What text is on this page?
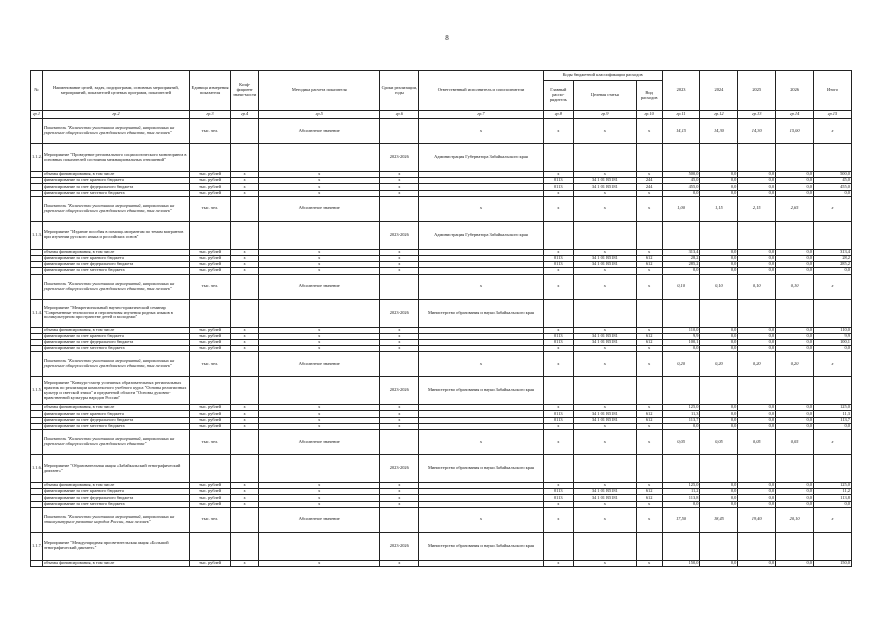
8
№	Наименование целей, задач, подпрограмм, основных мероприятий, мероприятий, показателей целевых программ, показателей	Единица измерения показателя	Коэф-фициент значи-мости	Методика расчета показателя	Сроки реализации, годы	Ответственный исполнитель и соисполнители	Коды бюджетной классификации расходов			2023	2024	2025	2026	Итого
							Главный распо-рядитель	Целевая статья	Вид расходов					
гр.1	гр.2	гр.3	гр.4	гр.5	гр.6	гр.7	гр.8	гр.9	гр.10	гр.11	гр.12	гр.13	гр.14	гр.15
	Показатель "Количество участников мероприятий, направленных на укрепление общероссийского гражданского единства, тыс.человек"	тыс. чел.		Абсолютное значение		x	x	x	x	14,15	14,30	14,30	15,00	x
1.1.2.	Мероприятие "Проведение регионального социологического мониторинга в основных показателей состояния межнациональных отношений"				2023-2026	Администрация Губернатора Забайкальского края								
	объемы финансирования, в том числе	тыс. рублей	x	x	x		x	x	x	500,0	0,0	0,0	0,0	500,0
	финансирование за счет краевого бюджета	тыс. рублей	x	x	x		0113	34 1 01 R5181	244	45,0	0,0	0,0	0,0	45,0
	финансирование за счет федерального бюджета	тыс. рублей	x	x	x		0113	34 1 01 R5181	244	455,0	0,0	0,0	0,0	455,0
	финансирование за счет местного бюджета	тыс. рублей	x	x	x		x	x	x	0,0	0,0	0,0	0,0	0,0
	Показатель "Количество участников мероприятий, направленных на укрепление общероссийского гражданского единства, тыс.человек"	тыс. чел.		Абсолютное значение		x	x	x	x	1,00	1,15	2,15	2,65	x
1.1.3.	Мероприятие "Издание пособия в помощь мигрантам по темам мигрантов при изучении русского языка и российских основ"				2023-2026	Администрация Губернатора Забайкальского края								
	объемы финансирования, в том числе	тыс. рублей	x	x	x		x	x	x	313,4	0,0	0,0	0,0	313,4
	финансирование за счет краевого бюджета	тыс. рублей	x	x	x		0113	34 1 01 R5181	612	28,2	0,0	0,0	0,0	28,2
	финансирование за счет федерального бюджета	тыс. рублей	x	x	x		0113	34 1 01 R5181	612	285,2	0,0	0,0	0,0	285,2
	финансирование за счет местного бюджета	тыс. рублей	x	x	x		x	x	x	0,0	0,0	0,0	0,0	0,0
	Показатель "Количество участников мероприятий, направленных на укрепление общероссийского гражданского единства, тыс.человек"	тыс. чел.		Абсолютное значение		x	x	x	x	0,10	0,10	0,10	0,10	x
1.1.4.	Мероприятие "Межрегиональный научно-практический семинар "Современные технологии и перспективы изучения родных языков в поликультурном пространстве детей и молодежи"				2023-2026	Министерство образования и науки Забайкальского края								
	объемы финансирования, в том числе	тыс. рублей	x	x	x		x	x	x	110,0	0,0	0,0	0,0	110,0
	финансирование за счет краевого бюджета	тыс. рублей	x	x	x		0113	34 1 01 R5181	612	9,9	0,0	0,0	0,0	9,9
	финансирование за счет федерального бюджета	тыс. рублей	x	x	x		0113	34 1 01 R5181	612	100,1	0,0	0,0	0,0	100,1
	финансирование за счет местного бюджета	тыс. рублей	x	x	x		x	x	x	0,0	0,0	0,0	0,0	0,0
	Показатель "Количество участников мероприятий, направленных на укрепление общероссийского гражданского единства, тыс.человек"	тыс. чел.		Абсолютное значение		x	x	x	x	0,20	0,20	0,20	0,20	x
1.1.5.	Мероприятие "Конкурс-смотр успешных образовательных региональных практик по реализации комплексного учебного курса "Основы религиозных культур и светской этики" и предметной области "Основы духовно-нравственной культуры народов России"				2023-2026	Министерство образования и науки Забайкальского края								
	объемы финансирования, в том числе	тыс. рублей	x	x	x		x	x	x	125,0	0,0	0,0	0,0	125,0
	финансирование за счет краевого бюджета	тыс. рублей	x	x	x		0113	34 1 01 R5181	612	11,3	0,0	0,0	0,0	11,3
	финансирование за счет федерального бюджета	тыс. рублей	x	x	x		0113	34 1 01 R5181	612	113,7	0,0	0,0	0,0	113,7
	финансирование за счет местного бюджета	тыс. рублей	x	x	x		x	x	x	0,0	0,0	0,0	0,0	0,0
	Показатель "Количество участников мероприятий, направленных на укрепление общероссийского гражданского единства"	тыс. чел.		Абсолютное значение		x	x	x	x	0,05	0,05	0,05	0,05	x
1.1.6.	Мероприятие "Образовательная акция «Забайкальский этнографический диктант»"				2023-2026	Министерство образования и науки Забайкальского края								
	объемы финансирования, в том числе	тыс. рублей	x	x	x		x	x	x	125,0	0,0	0,0	0,0	125,0
	финансирование за счет краевого бюджета	тыс. рублей	x	x	x		0113	34 1 01 R5181	612	11,2	0,0	0,0	0,0	11,2
	финансирование за счет федерального бюджета	тыс. рублей	x	x	x		0113	34 1 01 R5181	612	113,8	0,0	0,0	0,0	113,8
	финансирование за счет местного бюджета	тыс. рублей	x	x	x		x	x	x	0,0	0,0	0,0	0,0	0,0
	Показатель "Количество участников мероприятий, направленных на этнокультурное развитие народов России, тыс.человек"	тыс. чел.		Абсолютное значение		x	x	x	x	17,50	18,45	19,40	20,10	x
1.1.7.	Мероприятие "Международная просветительская акция «Большой этнографический диктант»"				2023-2026	Министерство образования и науки Забайкальского края								
	объемы финансирования, в том числе	тыс. рублей	x	x	x		x	x	x	150,0	0,0	0,0	0,0	150,0
